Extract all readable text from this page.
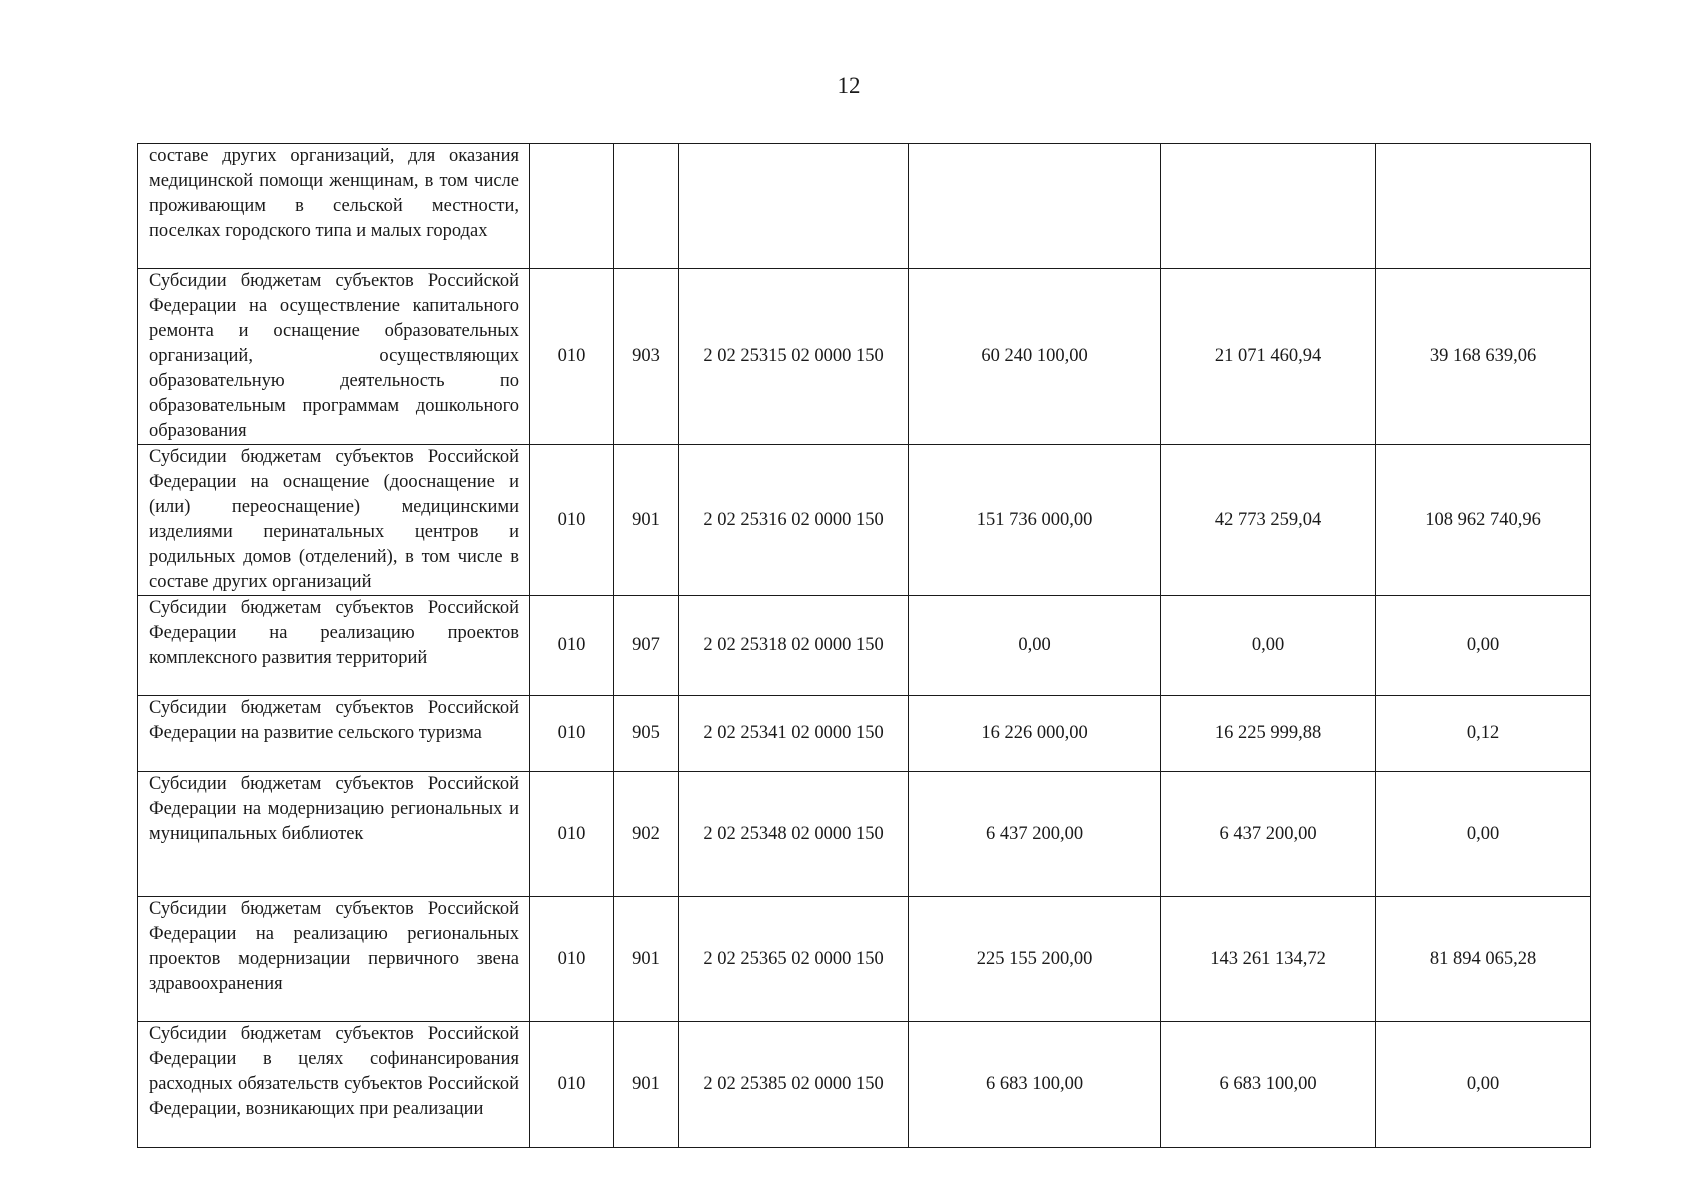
12
составе других организаций, для оказания медицинской помощи женщинам, в том числе проживающим в сельской местности, поселках городского типа и малых городах						
Субсидии бюджетам субъектов Российской Федерации на осуществление капитального ремонта и оснащение образовательных организаций, осуществляющих образовательную деятельность по образовательным программам дошкольного образования	010	903	2 02 25315 02 0000 150	60 240 100,00	21 071 460,94	39 168 639,06
Субсидии бюджетам субъектов Российской Федерации на оснащение (дооснащение и (или) переоснащение) медицинскими изделиями перинатальных центров и родильных домов (отделений), в том числе в составе других организаций	010	901	2 02 25316 02 0000 150	151 736 000,00	42 773 259,04	108 962 740,96
Субсидии бюджетам субъектов Российской Федерации на реализацию проектов комплексного развития территорий	010	907	2 02 25318 02 0000 150	0,00	0,00	0,00
Субсидии бюджетам субъектов Российской Федерации на развитие сельского туризма	010	905	2 02 25341 02 0000 150	16 226 000,00	16 225 999,88	0,12
Субсидии бюджетам субъектов Российской Федерации на модернизацию региональных и муниципальных библиотек	010	902	2 02 25348 02 0000 150	6 437 200,00	6 437 200,00	0,00
Субсидии бюджетам субъектов Российской Федерации на реализацию региональных проектов модернизации первичного звена здравоохранения	010	901	2 02 25365 02 0000 150	225 155 200,00	143 261 134,72	81 894 065,28
Субсидии бюджетам субъектов Российской Федерации в целях софинансирования расходных обязательств субъектов Российской Федерации, возникающих при реализации	010	901	2 02 25385 02 0000 150	6 683 100,00	6 683 100,00	0,00
